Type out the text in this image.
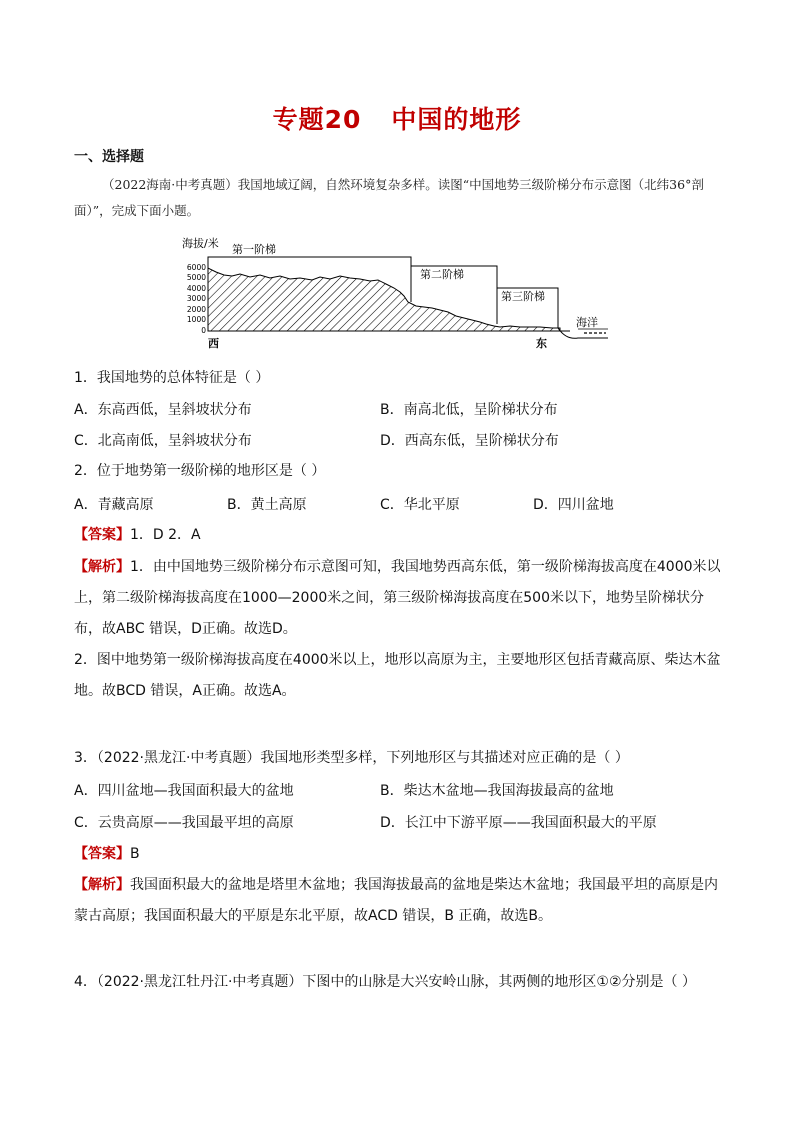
专题20 中国的地形
一、选择题
（2022海南·中考真题）我国地域辽阔，自然环境复杂多样。读图“中国地势三级阶梯分布示意图（北纬36°剖面）”，完成下面小题。
海拔/米
6000
5000
4000
3000
2000
1000
0
第一阶梯
第二阶梯
第三阶梯
海洋
西	东
1．我国地势的总体特征是（ ）
A．东高西低，呈斜坡状分布	B．南高北低，呈阶梯状分布
C．北高南低，呈斜坡状分布	D．西高东低，呈阶梯状分布
2．位于地势第一级阶梯的地形区是（ ）
A．青藏高原	B．黄土高原	C．华北平原	D．四川盆地
【答案】1．D 2．A
【解析】1．由中国地势三级阶梯分布示意图可知，我国地势西高东低，第一级阶梯海拔高度在4000米以上，第二级阶梯海拔高度在1000—2000米之间，第三级阶梯海拔高度在500米以下，地势呈阶梯状分布，故ABC 错误，D正确。故选D。
2．图中地势第一级阶梯海拔高度在4000米以上，地形以高原为主，主要地形区包括青藏高原、柴达木盆地。故BCD 错误，A正确。故选A。
3．（2022·黑龙江·中考真题）我国地形类型多样，下列地形区与其描述对应正确的是（ ）
A．四川盆地—我国面积最大的盆地	B．柴达木盆地—我国海拔最高的盆地
C．云贵高原——我国最平坦的高原	D．长江中下游平原——我国面积最大的平原
【答案】B
【解析】我国面积最大的盆地是塔里木盆地；我国海拔最高的盆地是柴达木盆地；我国最平坦的高原是内蒙古高原；我国面积最大的平原是东北平原，故ACD 错误，B 正确，故选B。
4．（2022·黑龙江牡丹江·中考真题）下图中的山脉是大兴安岭山脉，其两侧的地形区①②分别是（ ）
